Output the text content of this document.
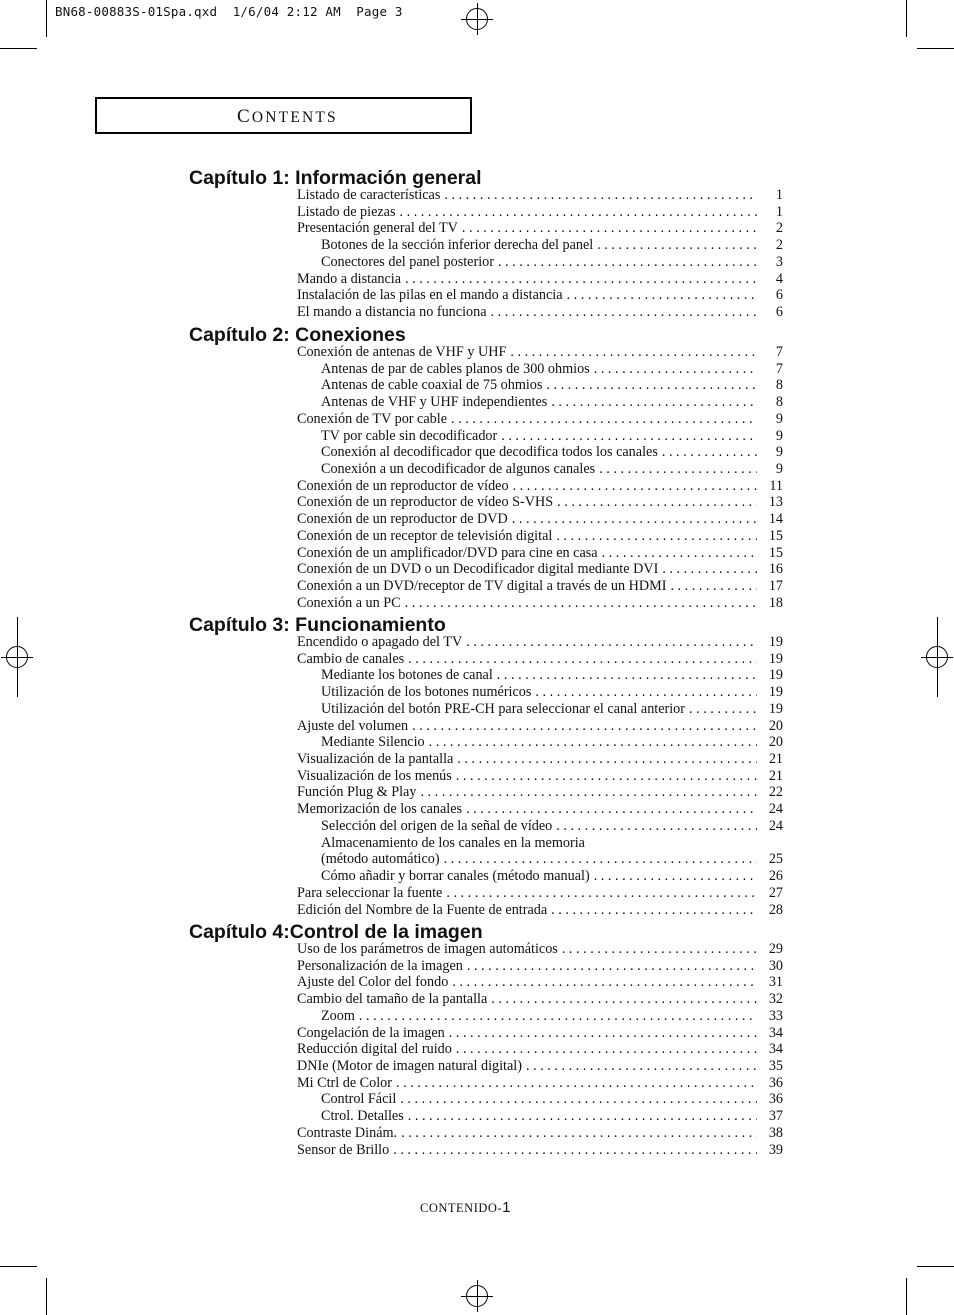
BN68-00883S-01Spa.qxd  1/6/04 2:12 AM  Page 3
CONTENTS
Capítulo 1: Información general
Listado de características . . .	1
Listado de piezas . . .	1
Presentación general del TV . . .	2
Botones de la sección inferior derecha del panel . . .	2
Conectores del panel posterior . . .	3
Mando a distancia . . .	4
Instalación de las pilas en el mando a distancia . . .	6
El mando a distancia no funciona . . .	6
Capítulo 2: Conexiones
Conexión de antenas de VHF y UHF . . .	7
Antenas de par de cables planos de 300 ohmios . . .	7
Antenas de cable coaxial de 75 ohmios . . .	8
Antenas de VHF y UHF independientes . . .	8
Conexión de TV por cable . . .	9
TV por cable sin decodificador . . .	9
Conexión al decodificador que decodifica todos los canales . . .	9
Conexión a un decodificador de algunos canales . . .	9
Conexión de un reproductor de vídeo . . .	11
Conexión de un reproductor de vídeo S-VHS . . .	13
Conexión de un reproductor de DVD . . .	14
Conexión de un receptor de televisión digital . . .	15
Conexión de un amplificador/DVD para cine en casa . . .	15
Conexión de un DVD o un Decodificador digital mediante DVI . . .	16
Conexión a un DVD/receptor de TV digital a través de un HDMI . . .	17
Conexión a un PC . . .	18
Capítulo 3: Funcionamiento
Encendido o apagado del TV . . .	19
Cambio de canales . . .	19
Mediante los botones de canal . . .	19
Utilización de los botones numéricos . . .	19
Utilización del botón PRE-CH para seleccionar el canal anterior . . .	19
Ajuste del volumen . . .	20
Mediante Silencio . . .	20
Visualización de la pantalla . . .	21
Visualización de los menús . . .	21
Función Plug & Play . . .	22
Memorización de los canales . . .	24
Selección del origen de la señal de vídeo . . .	24
Almacenamiento de los canales en la memoria
(método automático) . . .	25
Cómo añadir y borrar canales (método manual) . . .	26
Para seleccionar la fuente . . .	27
Edición del Nombre de la Fuente de entrada . . .	28
Capítulo 4:Control de la imagen
Uso de los parámetros de imagen automáticos . . .	29
Personalización de la imagen . . .	30
Ajuste del Color del fondo . . .	31
Cambio del tamaño de la pantalla . . .	32
Zoom . . .	33
Congelación de la imagen . . .	34
Reducción digital del ruido . . .	34
DNIe (Motor de imagen natural digital) . . .	35
Mi Ctrl de Color . . .	36
Control Fácil . . .	36
Ctrol. Detalles . . .	37
Contraste Dinám. . . .	38
Sensor de Brillo . . .	39
CONTENIDO-1
